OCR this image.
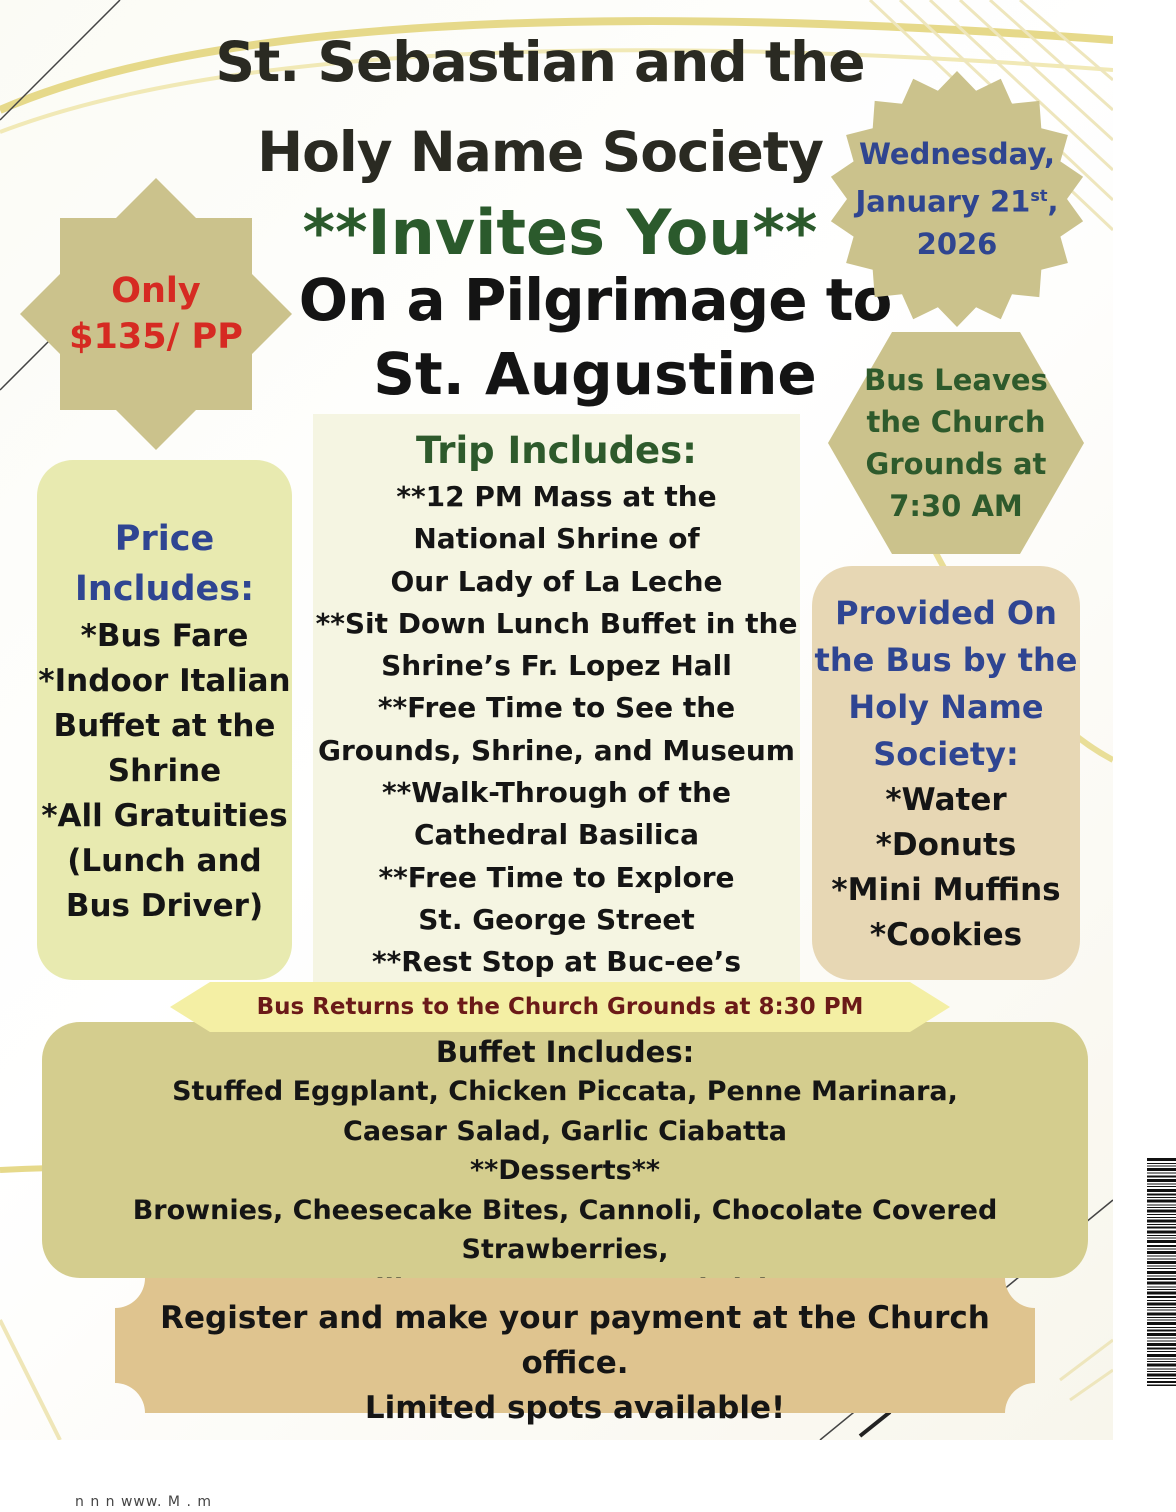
St. Sebastian and the
Holy Name Society
**Invites You**
On a Pilgrimage to
St. Augustine
Only
$135/ PP
Wednesday,
January 21st,
2026
Bus Leaves
the Church
Grounds at
7:30 AM
Price
Includes:
*Bus Fare
*Indoor Italian
Buffet at the
Shrine
*All Gratuities
(Lunch and
Bus Driver)
Trip Includes:
**12 PM Mass at the
National Shrine of
Our Lady of La Leche
**Sit Down Lunch Buffet in the
Shrine’s Fr. Lopez Hall
**Free Time to See the
Grounds, Shrine, and Museum
**Walk-Through of the
Cathedral Basilica
**Free Time to Explore
St. George Street
**Rest Stop at Buc-ee’s
Provided On
the Bus by the
Holy Name
Society:
*Water
*Donuts
*Mini Muffins
*Cookies
Buffet Includes:
Stuffed Eggplant, Chicken Piccata, Penne Marinara,
Caesar Salad, Garlic Ciabatta
**Desserts**
Brownies, Cheesecake Bites, Cannoli, Chocolate Covered Strawberries,
Bus Returns to the Church Grounds at 8:30 PM
Register and make your payment at the Church office.
Limited spots available!
n n n www. M . m
